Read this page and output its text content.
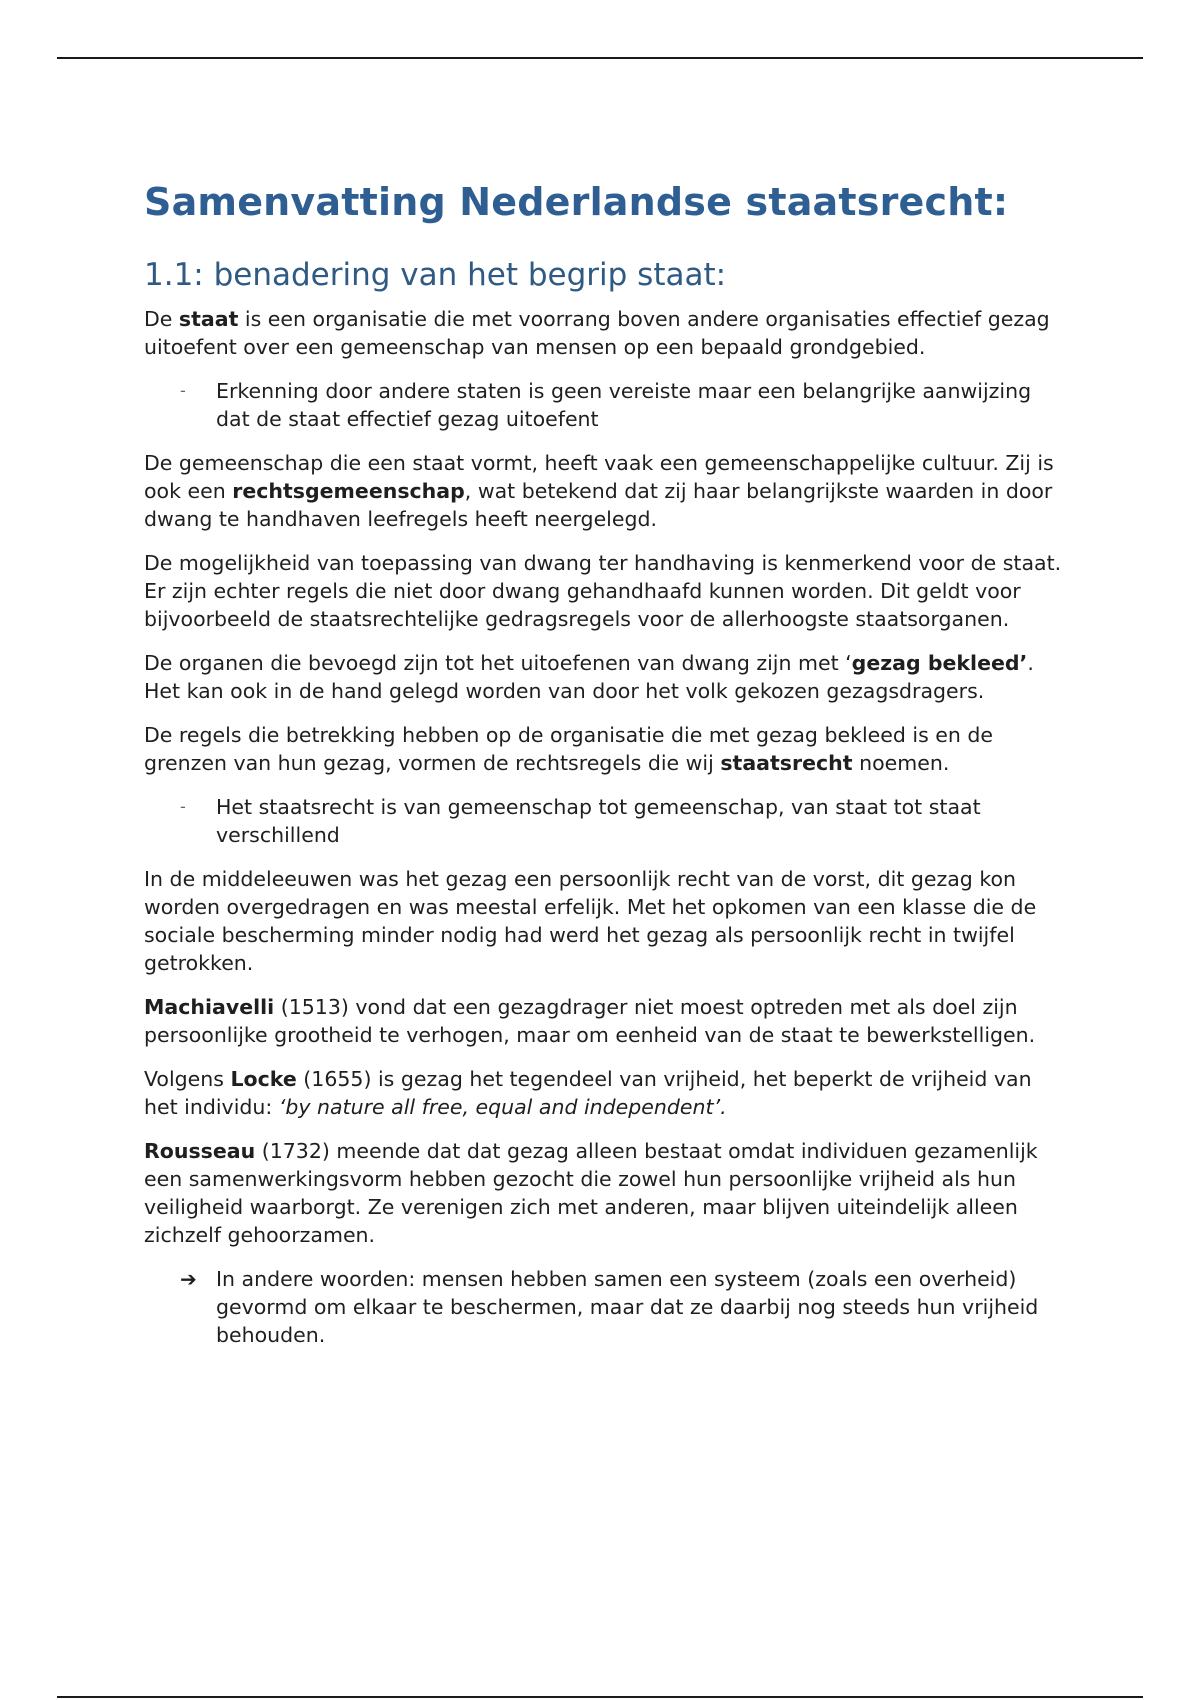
Samenvatting Nederlandse staatsrecht:
1.1: benadering van het begrip staat:

De staat is een organisatie die met voorrang boven andere organisaties effectief gezag uitoefent over een gemeenschap van mensen op een bepaald grondgebied.

-	Erkenning door andere staten is geen vereiste maar een belangrijke aanwijzing dat de staat effectief gezag uitoefent

De gemeenschap die een staat vormt, heeft vaak een gemeenschappelijke cultuur. Zij is ook een rechtsgemeenschap, wat betekend dat zij haar belangrijkste waarden in door dwang te handhaven leefregels heeft neergelegd.

De mogelijkheid van toepassing van dwang ter handhaving is kenmerkend voor de staat. Er zijn echter regels die niet door dwang gehandhaafd kunnen worden. Dit geldt voor bijvoorbeeld de staatsrechtelijke gedragsregels voor de allerhoogste staatsorganen.

De organen die bevoegd zijn tot het uitoefenen van dwang zijn met ‘gezag bekleed’. Het kan ook in de hand gelegd worden van door het volk gekozen gezagsdragers.

De regels die betrekking hebben op de organisatie die met gezag bekleed is en de grenzen van hun gezag, vormen de rechtsregels die wij staatsrecht noemen.

-	Het staatsrecht is van gemeenschap tot gemeenschap, van staat tot staat verschillend

In de middeleeuwen was het gezag een persoonlijk recht van de vorst, dit gezag kon worden overgedragen en was meestal erfelijk. Met het opkomen van een klasse die de sociale bescherming minder nodig had werd het gezag als persoonlijk recht in twijfel getrokken.

Machiavelli (1513) vond dat een gezagdrager niet moest optreden met als doel zijn persoonlijke grootheid te verhogen, maar om eenheid van de staat te bewerkstelligen.

Volgens Locke (1655) is gezag het tegendeel van vrijheid, het beperkt de vrijheid van het individu: ‘by nature all free, equal and independent’.

Rousseau (1732) meende dat dat gezag alleen bestaat omdat individuen gezamenlijk een samenwerkingsvorm hebben gezocht die zowel hun persoonlijke vrijheid als hun veiligheid waarborgt. Ze verenigen zich met anderen, maar blijven uiteindelijk alleen zichzelf gehoorzamen.

➔ In andere woorden: mensen hebben samen een systeem (zoals een overheid) gevormd om elkaar te beschermen, maar dat ze daarbij nog steeds hun vrijheid behouden.
